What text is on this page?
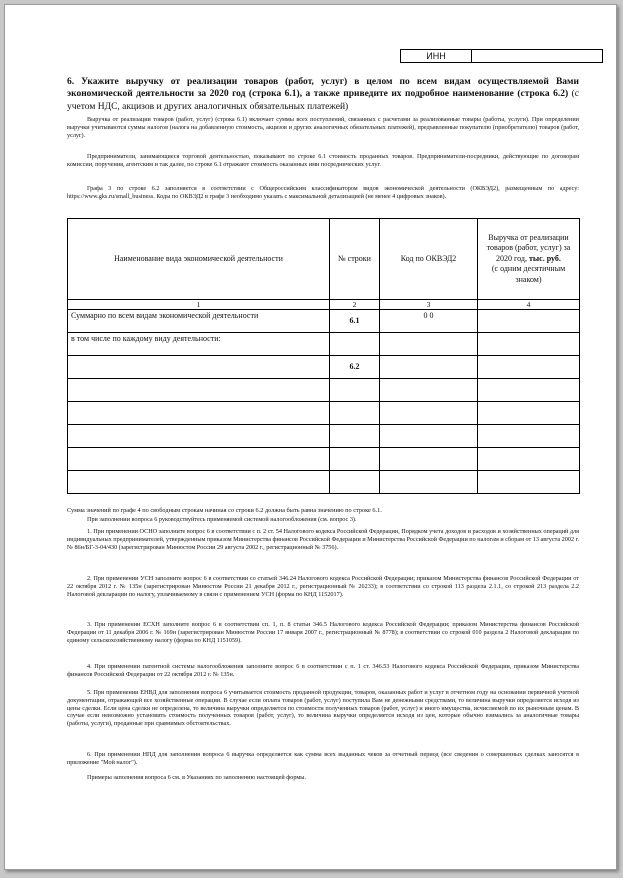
ИНН
6. Укажите выручку от реализации товаров (работ, услуг) в целом по всем видам осуществляемой Вами экономической деятельности за 2020 год (строка 6.1), а также приведите их подробное наименование (строка 6.2) (с учетом НДС, акцизов и других аналогичных обязательных платежей)
Выручка от реализации товаров (работ, услуг) (строка 6.1) включает суммы всех поступлений, связанных с расчетами за реализованные товары (работы, услуги). При определении выручки учитываются суммы налогов (налога на добавленную стоимость, акцизов и других аналогичных обязательных платежей), предъявленные покупателю (приобретателю) товаров (работ, услуг).
Предприниматели, занимающиеся торговой деятельностью, показывают по строке 6.1 стоимость проданных товаров. Предприниматели-посредники, действующие по договорам комиссии, поручения, агентским и так далее, по строке 6.1 отражают стоимость оказанных ими посреднических услуг.
Графа 3 по строке 6.2 заполняется в соответствии с Общероссийским классификатором видов экономической деятельности (ОКВЭД2), размещенным по адресу: https://www.gks.ru/small_business. Коды по ОКВЭД2 в графе 3 необходимо указать с максимальной детализацией (не менее 4 цифровых знаков).
Наименование вида экономической деятельности	№ строки	Код по ОКВЭД2	Выручка от реализации товаров (работ, услуг) за 2020 год, тыс. руб.
(с одним десятичным знаком)
1	2	3	4
Суммарно по всем видам экономической деятельности	6.1	0 0	
в том числе по каждому виду деятельности:			
	6.2		

Сумма значений по графе 4 по свободным строкам начиная со строки 6.2 должна быть равна значению по строке 6.1.
При заполнении вопроса 6 руководствуйтесь применяемой системой налогообложения (см. вопрос 3).
1. При применении ОСНО заполните вопрос 6 в соответствии с п. 2 ст. 54 Налогового кодекса Российской Федерации, Порядком учета доходов и расходов и хозяйственных операций для индивидуальных предпринимателей, утвержденным приказом Министерства финансов Российской Федерации и Министерства Российской Федерации по налогам и сборам от 13 августа 2002 г. № 86н/БГ-3-04/430 (зарегистрирован Минюстом России 29 августа 2002 г., регистрационный № 3756).
2. При применении УСН заполните вопрос 6 в соответствии со статьей 346.24 Налогового кодекса Российской Федерации; приказом Министерства финансов Российской Федерации от 22 октября 2012 г. № 135н (зарегистрирован Минюстом России 21 декабря 2012 г., регистрационный № 26233); в соответствии со строкой 113 раздела 2.1.1, со строкой 213 раздела 2.2 Налоговой декларации по налогу, уплачиваемому в связи с применением УСН (форма по КНД 1152017).
3. При применении ЕСХН заполните вопрос 6 в соответствии сп. 1, п. 8 статьи 346.5 Налогового кодекса Российской Федерации; приказом Министерства финансов Российской Федерации от 11 декабря 2006 г. № 169н (зарегистрирован Минюстом России 17 января 2007 г., регистрационный № 8778); в соответствии со строкой 010 раздела 2 Налоговой декларации по единому сельскохозяйственному налогу (форма по КНД 1151059).
4. При применении патентной системы налогообложения заполните вопрос 6 в соответствии с п. 1 ст. 346.53 Налогового кодекса Российской Федерации, приказом Министерства финансов Российской Федерации от 22 октября 2012 г. № 135н.
5. При применении ЕНВД для заполнения вопроса 6 учитывается стоимость проданной продукции, товаров, оказанных работ и услуг в отчетном году на основании первичной учетной документации, отражающей все хозяйственные операции. В случае если оплата товаров (работ, услуг) поступила Вам не денежными средствами, то величина выручки определяется исходя из цены сделки. Если цена сделки не определена, то величина выручки определяется по стоимости полученных товаров (работ, услуг) и иного имущества, исчисляемой по их рыночным ценам. В случае если невозможно установить стоимость полученных товаров (работ, услуг), то величина выручки определяется исходя из цен, которые обычно взимались за аналогичные товары (работы, услуги), проданные при сравнимых обстоятельствах.
6. При применении НПД для заполнения вопроса 6 выручка определяется как сумма всех выданных чеков за отчетный период (все сведения о совершенных сделках заносятся в приложение "Мой налог").
Примеры заполнения вопроса 6 см. в Указаниях по заполнению настоящей формы.
